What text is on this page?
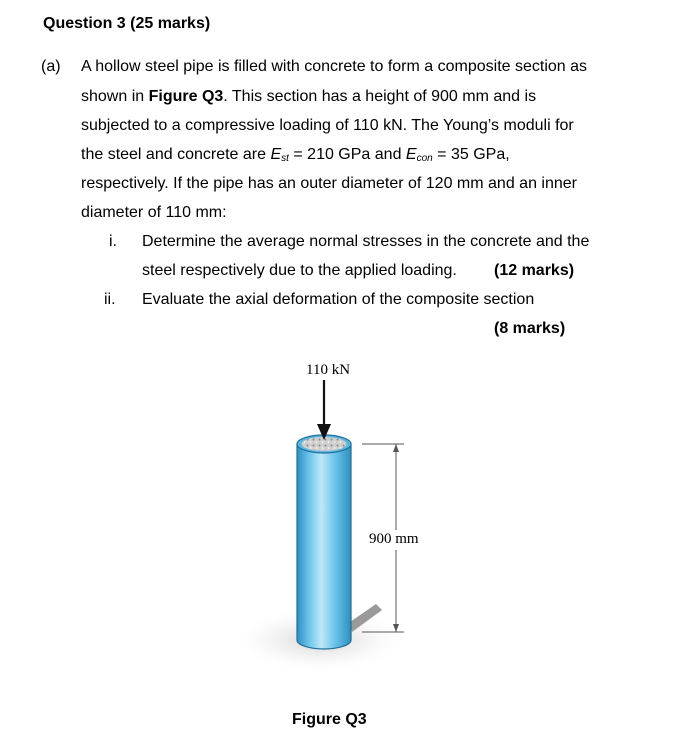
Question 3 (25 marks)
(a) A hollow steel pipe is filled with concrete to form a composite section as
shown in Figure Q3. This section has a height of 900 mm and is
subjected to a compressive loading of 110 kN. The Young’s moduli for
the steel and concrete are $E_{st} = 210$ GPa and $E_{con} = 35$ GPa,
respectively. If the pipe has an outer diameter of 120 mm and an inner
diameter of 110 mm:
i. Determine the average normal stresses in the concrete and the
steel respectively due to the applied loading. (12 marks)
ii. Evaluate the axial deformation of the composite section
(8 marks)
110 kN
900 mm
Figure Q3
